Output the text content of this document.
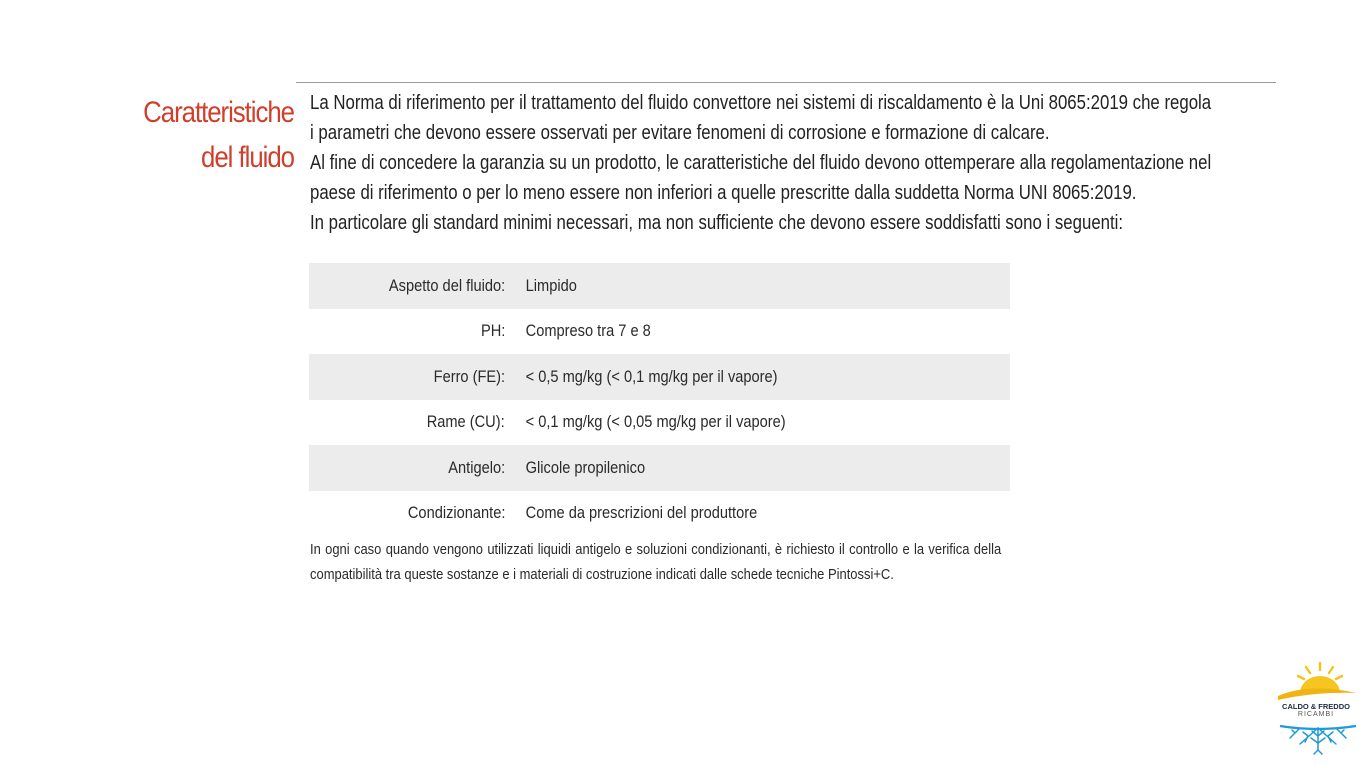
Caratteristiche
del fluido

La Norma di riferimento per il trattamento del fluido convettore nei sistemi di riscaldamento è la Uni 8065:2019 che regola

i parametri che devono essere osservati per evitare fenomeni di corrosione e formazione di calcare.

Al fine di concedere la garanzia su un prodotto, le caratteristiche del fluido devono ottemperare alla regolamentazione nel

paese di riferimento o per lo meno essere non inferiori a quelle prescritte dalla suddetta Norma UNI 8065:2019.

In particolare gli standard minimi necessari, ma non sufficiente che devono essere soddisfatti sono i seguenti:

Aspetto del fluido:	Limpido
PH:	Compreso tra 7 e 8
Ferro (FE):	< 0,5 mg/kg (< 0,1 mg/kg per il vapore)
Rame (CU):	< 0,1 mg/kg (< 0,05 mg/kg per il vapore)
Antigelo:	Glicole propilenico
Condizionante:	Come da prescrizioni del produttore
In ogni caso quando vengono utilizzati liquidi antigelo e soluzioni condizionanti, è richiesto il controllo e la verifica della compatibilità tra queste sostanze e i materiali di costruzione indicati dalle schede tecniche Pintossi+C.
CALDO & FREDDO
RICAMBI
